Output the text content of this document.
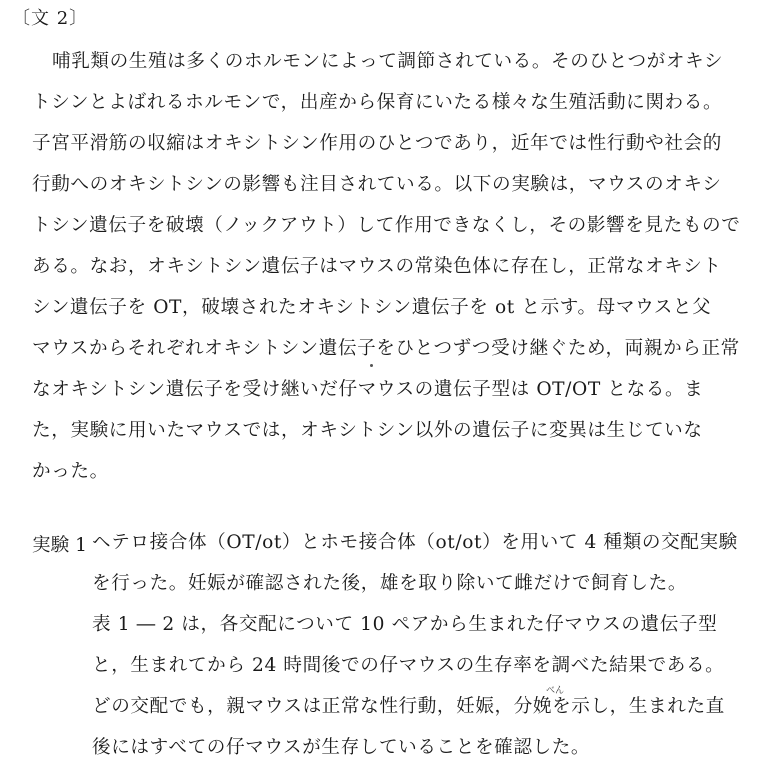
〔文 2〕
哺乳類の生殖は多くのホルモンによって調節されている。そのひとつがオキシ
トシンとよばれるホルモンで，出産から保育にいたる様々な生殖活動に関わる。
子宮平滑筋の収縮はオキシトシン作用のひとつであり，近年では性行動や社会的
行動へのオキシトシンの影響も注目されている。以下の実験は，マウスのオキシ
トシン遺伝子を破壊（ノックアウト）して作用できなくし，その影響を見たもので
ある。なお，オキシトシン遺伝子はマウスの常染色体に存在し，正常なオキシト
シン遺伝子を OT，破壊されたオキシトシン遺伝子を ot と示す。母マウスと父
マウスからそれぞれオキシトシン遺伝子をひとつずつ受け継ぐため，両親から正常
なオキシトシン遺伝子を受け継いだ仔マウスの遺伝子型は OT/OT となる。ま
た，実験に用いたマウスでは，オキシトシン以外の遺伝子に変異は生じていな
かった。
実験 1 ヘテロ接合体（OT/ot）とホモ接合体（ot/ot）を用いて 4 種類の交配実験
を行った。妊娠が確認された後，雄を取り除いて雌だけで飼育した。
表 1 ― 2 は，各交配について 10 ペアから生まれた仔マウスの遺伝子型
と，生まれてから 24 時間後での仔マウスの生存率を調べた結果である。
どの交配でも，親マウスは正常な性行動，妊娠，分娩を示し，生まれた直
後にはすべての仔マウスが生存していることを確認した。
べん
